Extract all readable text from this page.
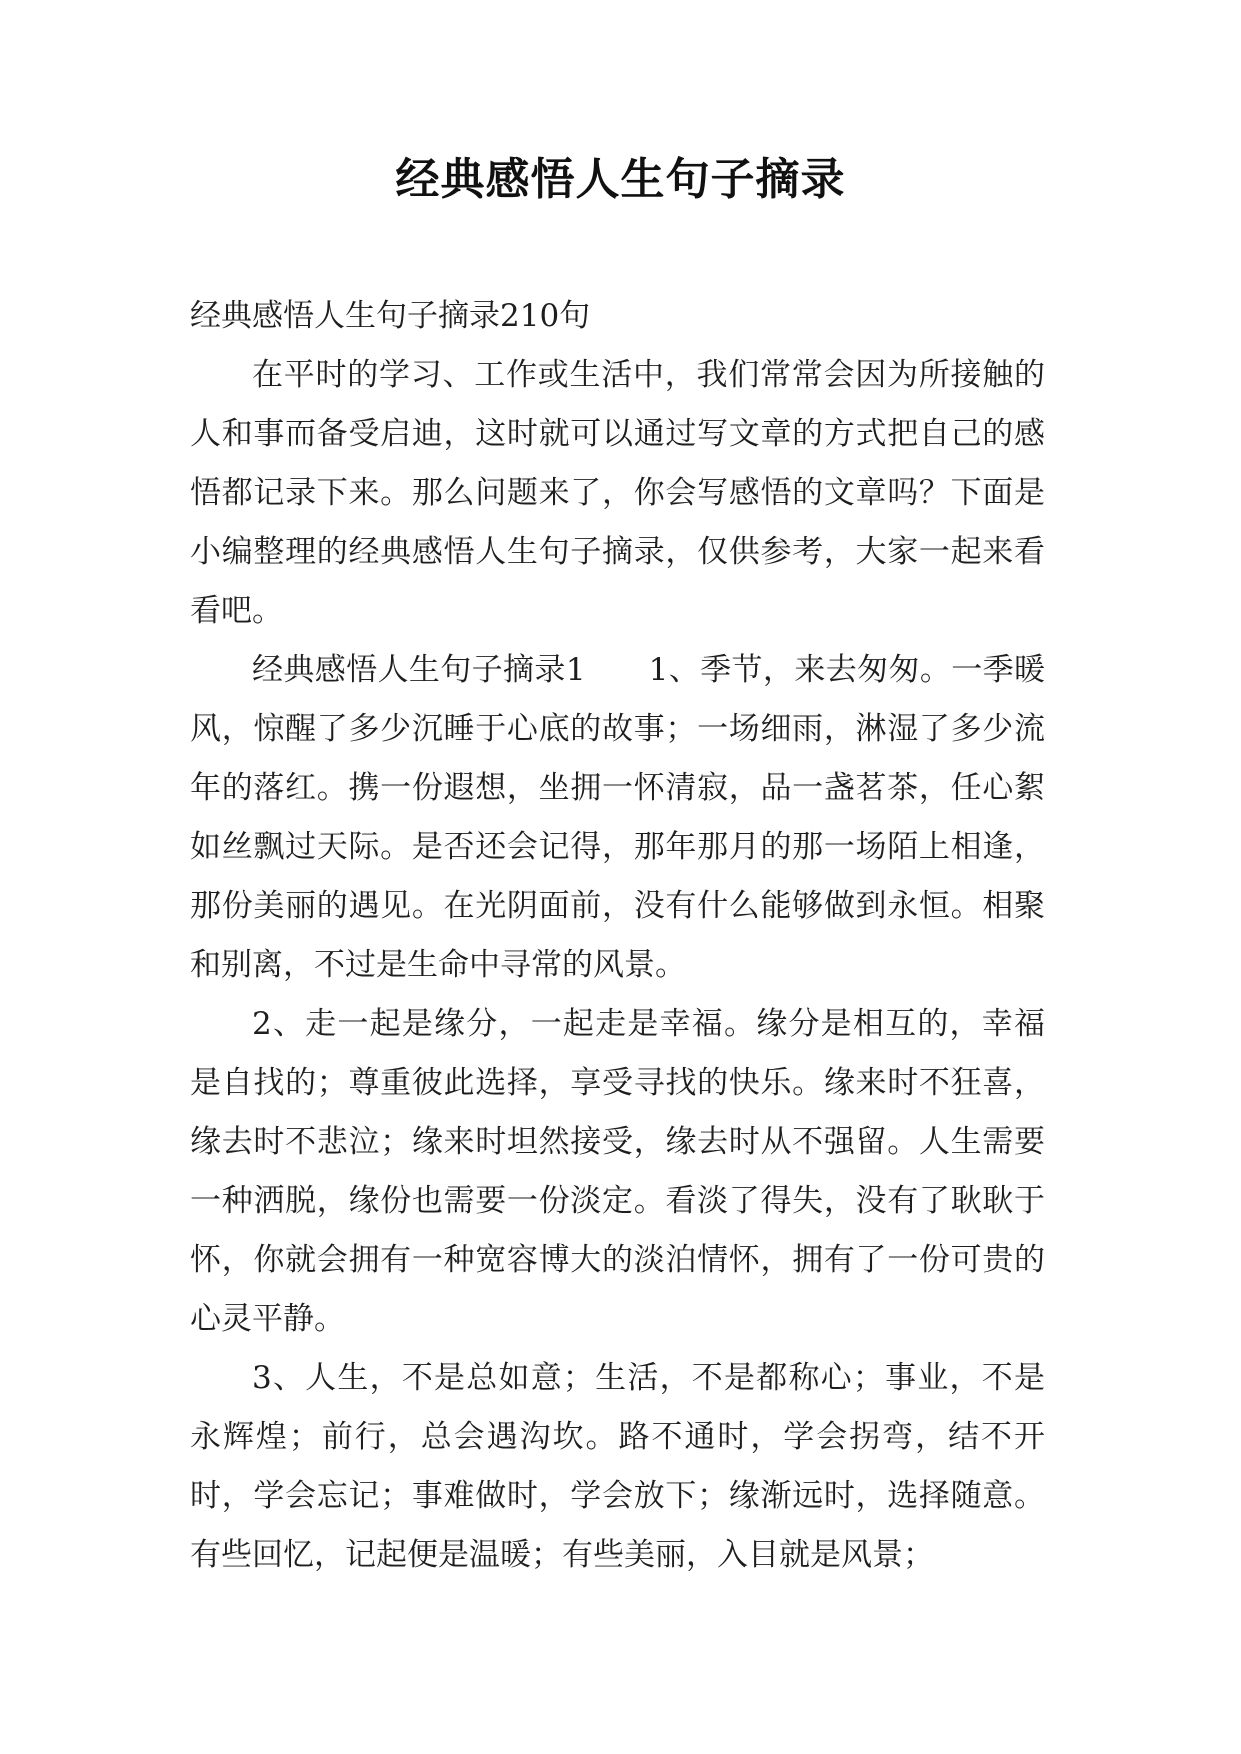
经典感悟人生句子摘录

经典感悟人生句子摘录210句

在平时的学习、工作或生活中，我们常常会因为所接触的人和事而备受启迪，这时就可以通过写文章的方式把自己的感悟都记录下来。那么问题来了，你会写感悟的文章吗？下面是小编整理的经典感悟人生句子摘录，仅供参考，大家一起来看看吧。

经典感悟人生句子摘录1　　1、季节，来去匆匆。一季暖风，惊醒了多少沉睡于心底的故事；一场细雨，淋湿了多少流年的落红。携一份遐想，坐拥一怀清寂，品一盏茗茶，任心絮如丝飘过天际。是否还会记得，那年那月的那一场陌上相逢，那份美丽的遇见。在光阴面前，没有什么能够做到永恒。相聚和别离，不过是生命中寻常的风景。

2、走一起是缘分，一起走是幸福。缘分是相互的，幸福是自找的；尊重彼此选择，享受寻找的快乐。缘来时不狂喜，缘去时不悲泣；缘来时坦然接受，缘去时从不强留。人生需要一种洒脱，缘份也需要一份淡定。看淡了得失，没有了耿耿于怀，你就会拥有一种宽容博大的淡泊情怀，拥有了一份可贵的心灵平静。

3、人生，不是总如意；生活，不是都称心；事业，不是永辉煌；前行，总会遇沟坎。路不通时，学会拐弯，结不开时，学会忘记；事难做时，学会放下；缘渐远时，选择随意。有些回忆，记起便是温暖；有些美丽，入目就是风景；
